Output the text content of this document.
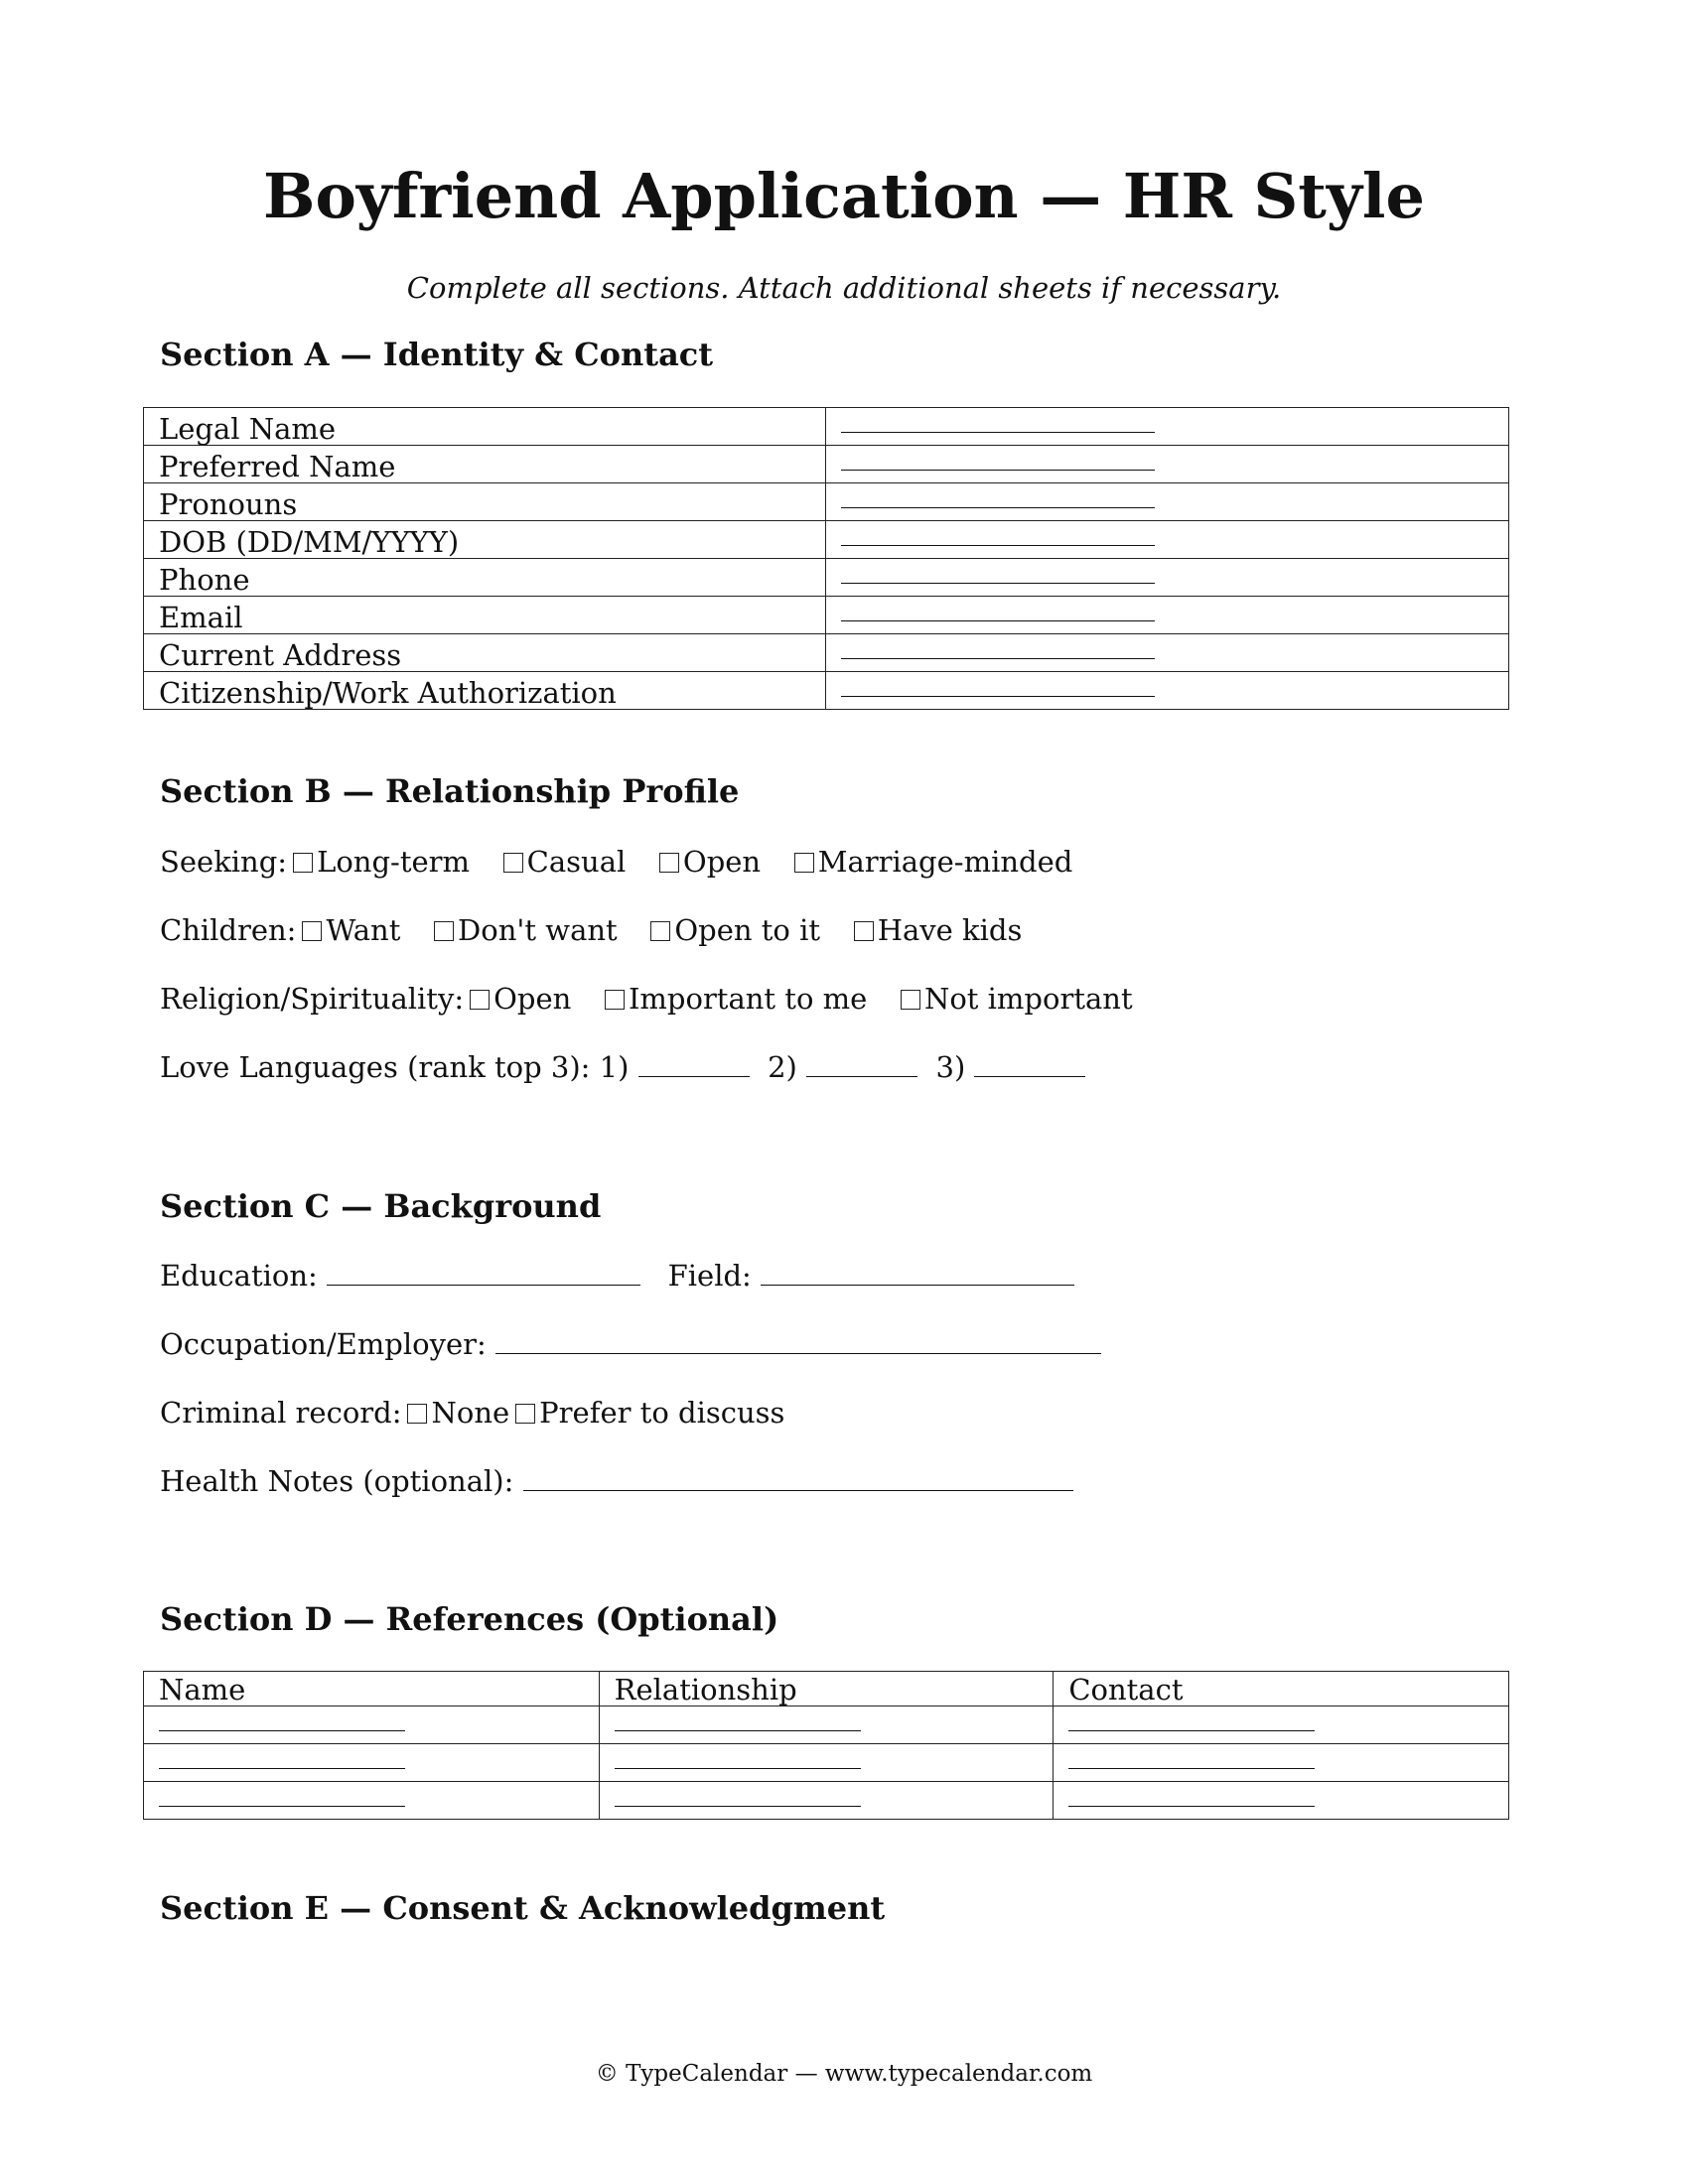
Boyfriend Application — HR Style
Complete all sections. Attach additional sheets if necessary.
Section A — Identity & Contact
Legal Name	
Preferred Name	
Pronouns	
DOB (DD/MM/YYYY)	
Phone	
Email	
Current Address	
Citizenship/Work Authorization	
Section B — Relationship Profile
Seeking: Long-term Casual Open Marriage-minded
Children: Want Don't want Open to it Have kids
Religion/Spirituality: Open Important to me Not important
Love Languages (rank top 3): 1)	2)	3)
Section C — Background
Education:	Field:
Occupation/Employer:
Criminal record: None Prefer to discuss
Health Notes (optional):
Section D — References (Optional)
Name	Relationship	Contact

Section E — Consent & Acknowledgment
© TypeCalendar — www.typecalendar.com
